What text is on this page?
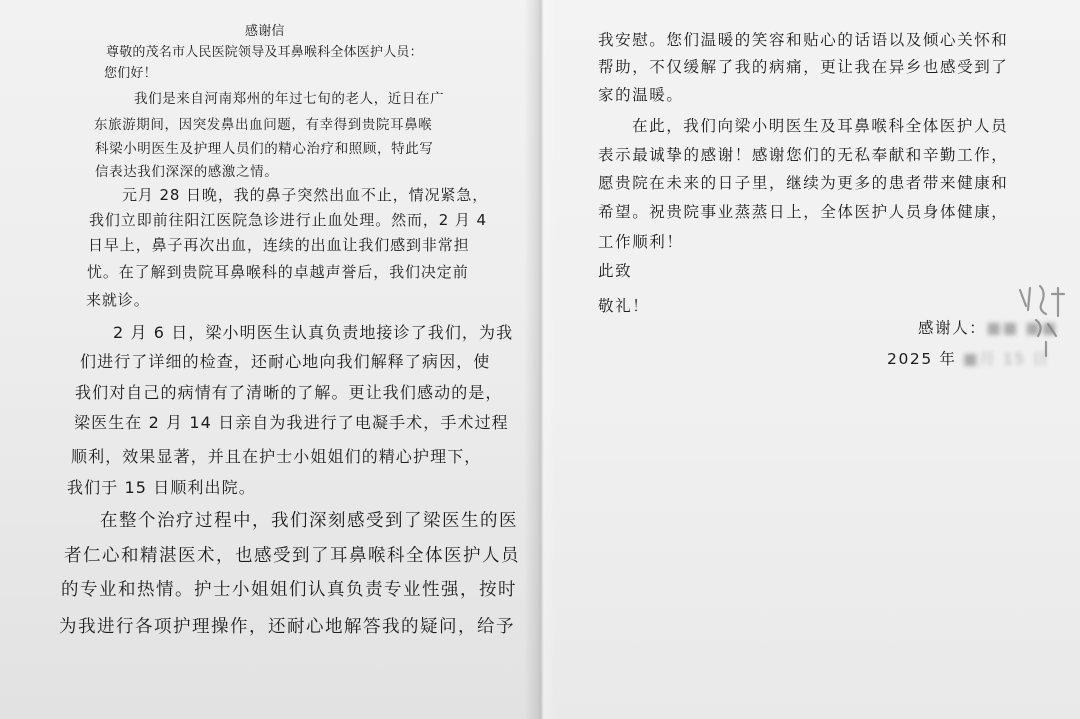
感谢信
尊敬的茂名市人民医院领导及耳鼻喉科全体医护人员：
您们好！
我们是来自河南郑州的年过七旬的老人，近日在广
东旅游期间，因突发鼻出血问题，有幸得到贵院耳鼻喉
科梁小明医生及护理人员们的精心治疗和照顾，特此写
信表达我们深深的感激之情。
元月 28 日晚，我的鼻子突然出血不止，情况紧急，
我们立即前往阳江医院急诊进行止血处理。然而，2 月 4
日早上，鼻子再次出血，连续的出血让我们感到非常担
忧。在了解到贵院耳鼻喉科的卓越声誉后，我们决定前
来就诊。
2 月 6 日，梁小明医生认真负责地接诊了我们，为我
们进行了详细的检查，还耐心地向我们解释了病因，使
我们对自己的病情有了清晰的了解。更让我们感动的是，
梁医生在 2 月 14 日亲自为我进行了电凝手术，手术过程
顺利，效果显著，并且在护士小姐姐们的精心护理下，
我们于 15 日顺利出院。
在整个治疗过程中，我们深刻感受到了梁医生的医
者仁心和精湛医术，也感受到了耳鼻喉科全体医护人员
的专业和热情。护士小姐姐们认真负责专业性强，按时
为我进行各项护理操作，还耐心地解答我的疑问，给予
我安慰。您们温暖的笑容和贴心的话语以及倾心关怀和
帮助，不仅缓解了我的病痛，更让我在异乡也感受到了
家的温暖。
在此，我们向梁小明医生及耳鼻喉科全体医护人员
表示最诚挚的感谢！感谢您们的无私奉献和辛勤工作，
愿贵院在未来的日子里，继续为更多的患者带来健康和
希望。祝贵院事业蒸蒸日上，全体医护人员身体健康，
工作顺利！
此致
敬礼！
感谢人：■■ ■■
2025 年 ■月 15 日
